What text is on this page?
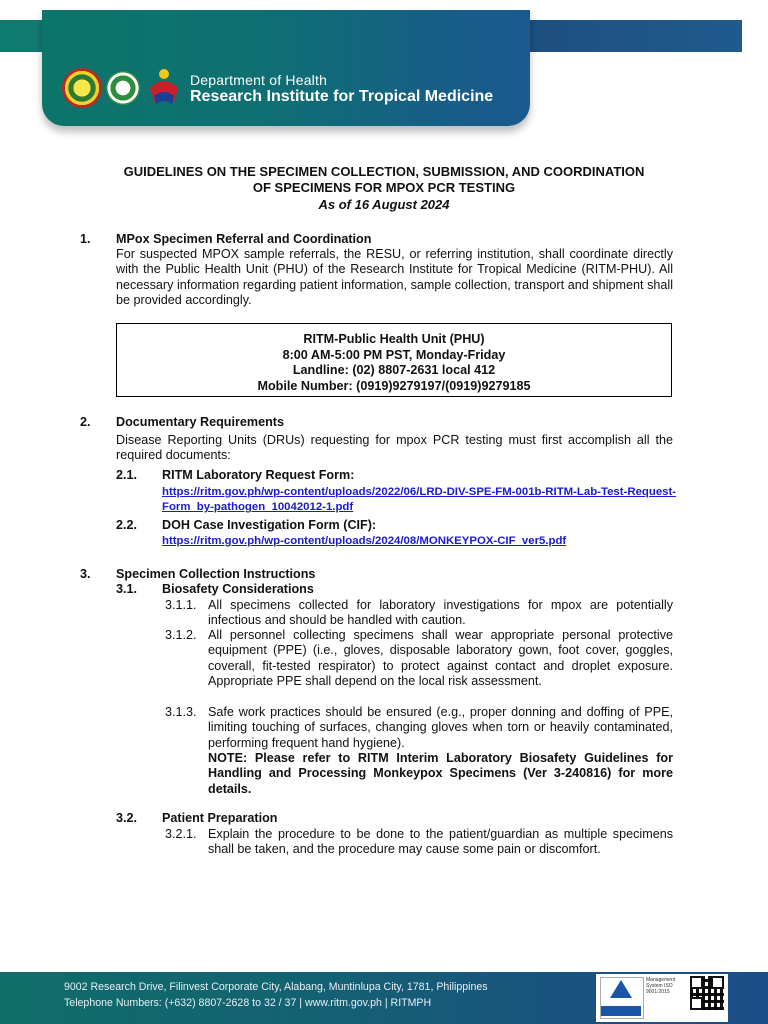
Department of Health
Research Institute for Tropical Medicine
GUIDELINES ON THE SPECIMEN COLLECTION, SUBMISSION, AND COORDINATION
OF SPECIMENS FOR MPOX PCR TESTING
As of 16 August 2024
1. MPox Specimen Referral and Coordination
For suspected MPOX sample referrals, the RESU, or referring institution, shall coordinate directly with the Public Health Unit (PHU) of the Research Institute for Tropical Medicine (RITM-PHU). All necessary information regarding patient information, sample collection, transport and shipment shall be provided accordingly.
RITM-Public Health Unit (PHU)
8:00 AM-5:00 PM PST, Monday-Friday
Landline: (02) 8807-2631 local 412
Mobile Number: (0919)9279197/(0919)9279185
2. Documentary Requirements
Disease Reporting Units (DRUs) requesting for mpox PCR testing must first accomplish all the required documents:
2.1. RITM Laboratory Request Form:
https://ritm.gov.ph/wp-content/uploads/2022/06/LRD-DIV-SPE-FM-001b-RITM-Lab-Test-Request-Form_by-pathogen_10042012-1.pdf
2.2. DOH Case Investigation Form (CIF):
https://ritm.gov.ph/wp-content/uploads/2024/08/MONKEYPOX-CIF_ver5.pdf
3. Specimen Collection Instructions
3.1. Biosafety Considerations
3.1.1. All specimens collected for laboratory investigations for mpox are potentially infectious and should be handled with caution.
3.1.2. All personnel collecting specimens shall wear appropriate personal protective equipment (PPE) (i.e., gloves, disposable laboratory gown, foot cover, goggles, coverall, fit-tested respirator) to protect against contact and droplet exposure. Appropriate PPE shall depend on the local risk assessment.
3.1.3. Safe work practices should be ensured (e.g., proper donning and doffing of PPE, limiting touching of surfaces, changing gloves when torn or heavily contaminated, performing frequent hand hygiene).
NOTE: Please refer to RITM Interim Laboratory Biosafety Guidelines for Handling and Processing Monkeypox Specimens (Ver 3-240816) for more details.
3.2. Patient Preparation
3.2.1. Explain the procedure to be done to the patient/guardian as multiple specimens shall be taken, and the procedure may cause some pain or discomfort.
9002 Research Drive, Filinvest Corporate City, Alabang, Muntinlupa City, 1781, Philippines
Telephone Numbers: (+632) 8807-2628 to 32 / 37 | www.ritm.gov.ph | RITMPH
Management System ISO 9001:2015
